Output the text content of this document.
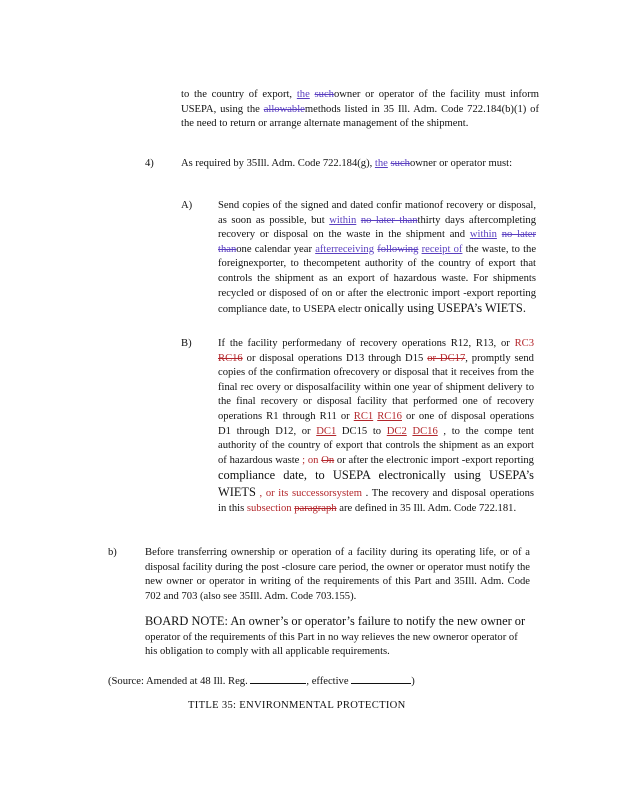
to the country of export, the suchowner or operator of the facility must inform USEPA, using the allowablemethods listed in 35 Ill. Adm. Code 722.184(b)(1) of the need to return or arrange alternate management of the shipment.
4)	As required by 35Ill. Adm. Code 722.184(g), the suchowner or operator must:
A) Send copies of the signed and dated confir mationof recovery or disposal, as soon as possible, but within no later thanthirty days aftercompleting recovery or disposal on the waste in the shipment and within no later thanone calendar year afterreceiving following receipt of the waste, to the foreignexporter, to thecompetent authority of the country of export that controls the shipment as an export of hazardous waste. For shipments recycled or disposed of on or after the electronic import -export reporting compliance date, to USEPA electr onically using USEPA’s WIETS.
B) If the facility performedany of recovery operations R12, R13, or RC3 RC16 or disposal operations D13 through D15 or DC17, promptly send copies of the confirmation ofrecovery or disposal that it receives from the final rec overy or disposalfacility within one year of shipment delivery to the final recovery or disposal facility that performed one of recovery operations R1 through R11 or RC1 RC16 or one of disposal operations D1 through D12, or DC1 DC15 to DC2 DC16 , to the compe tent authority of the country of export that controls the shipment as an export of hazardous waste ; on On or after the electronic import -export reporting compliance date, to USEPA electronically using USEPA’s WIETS , or its successorsystem . The recovery and disposal operations in this subsection paragraph are defined in 35 Ill. Adm. Code 722.181.
b)	Before transferring ownership or operation of a facility during its operating life, or of a disposal facility during the post -closure care period, the owner or operator must notify the new owner or operator in writing of the requirements of this Part and 35Ill. Adm. Code 702 and 703 (also see 35Ill. Adm. Code 703.155).
BOARD NOTE: An owner’s or operator’s failure to notify the new owner or operator of the requirements of this Part in no way relieves the new owneror operator of his obligation to comply with all applicable requirements.
(Source: Amended at 48 Ill. Reg.	, effective	)
TITLE 35: ENVIRONMENTAL PROTECTION
